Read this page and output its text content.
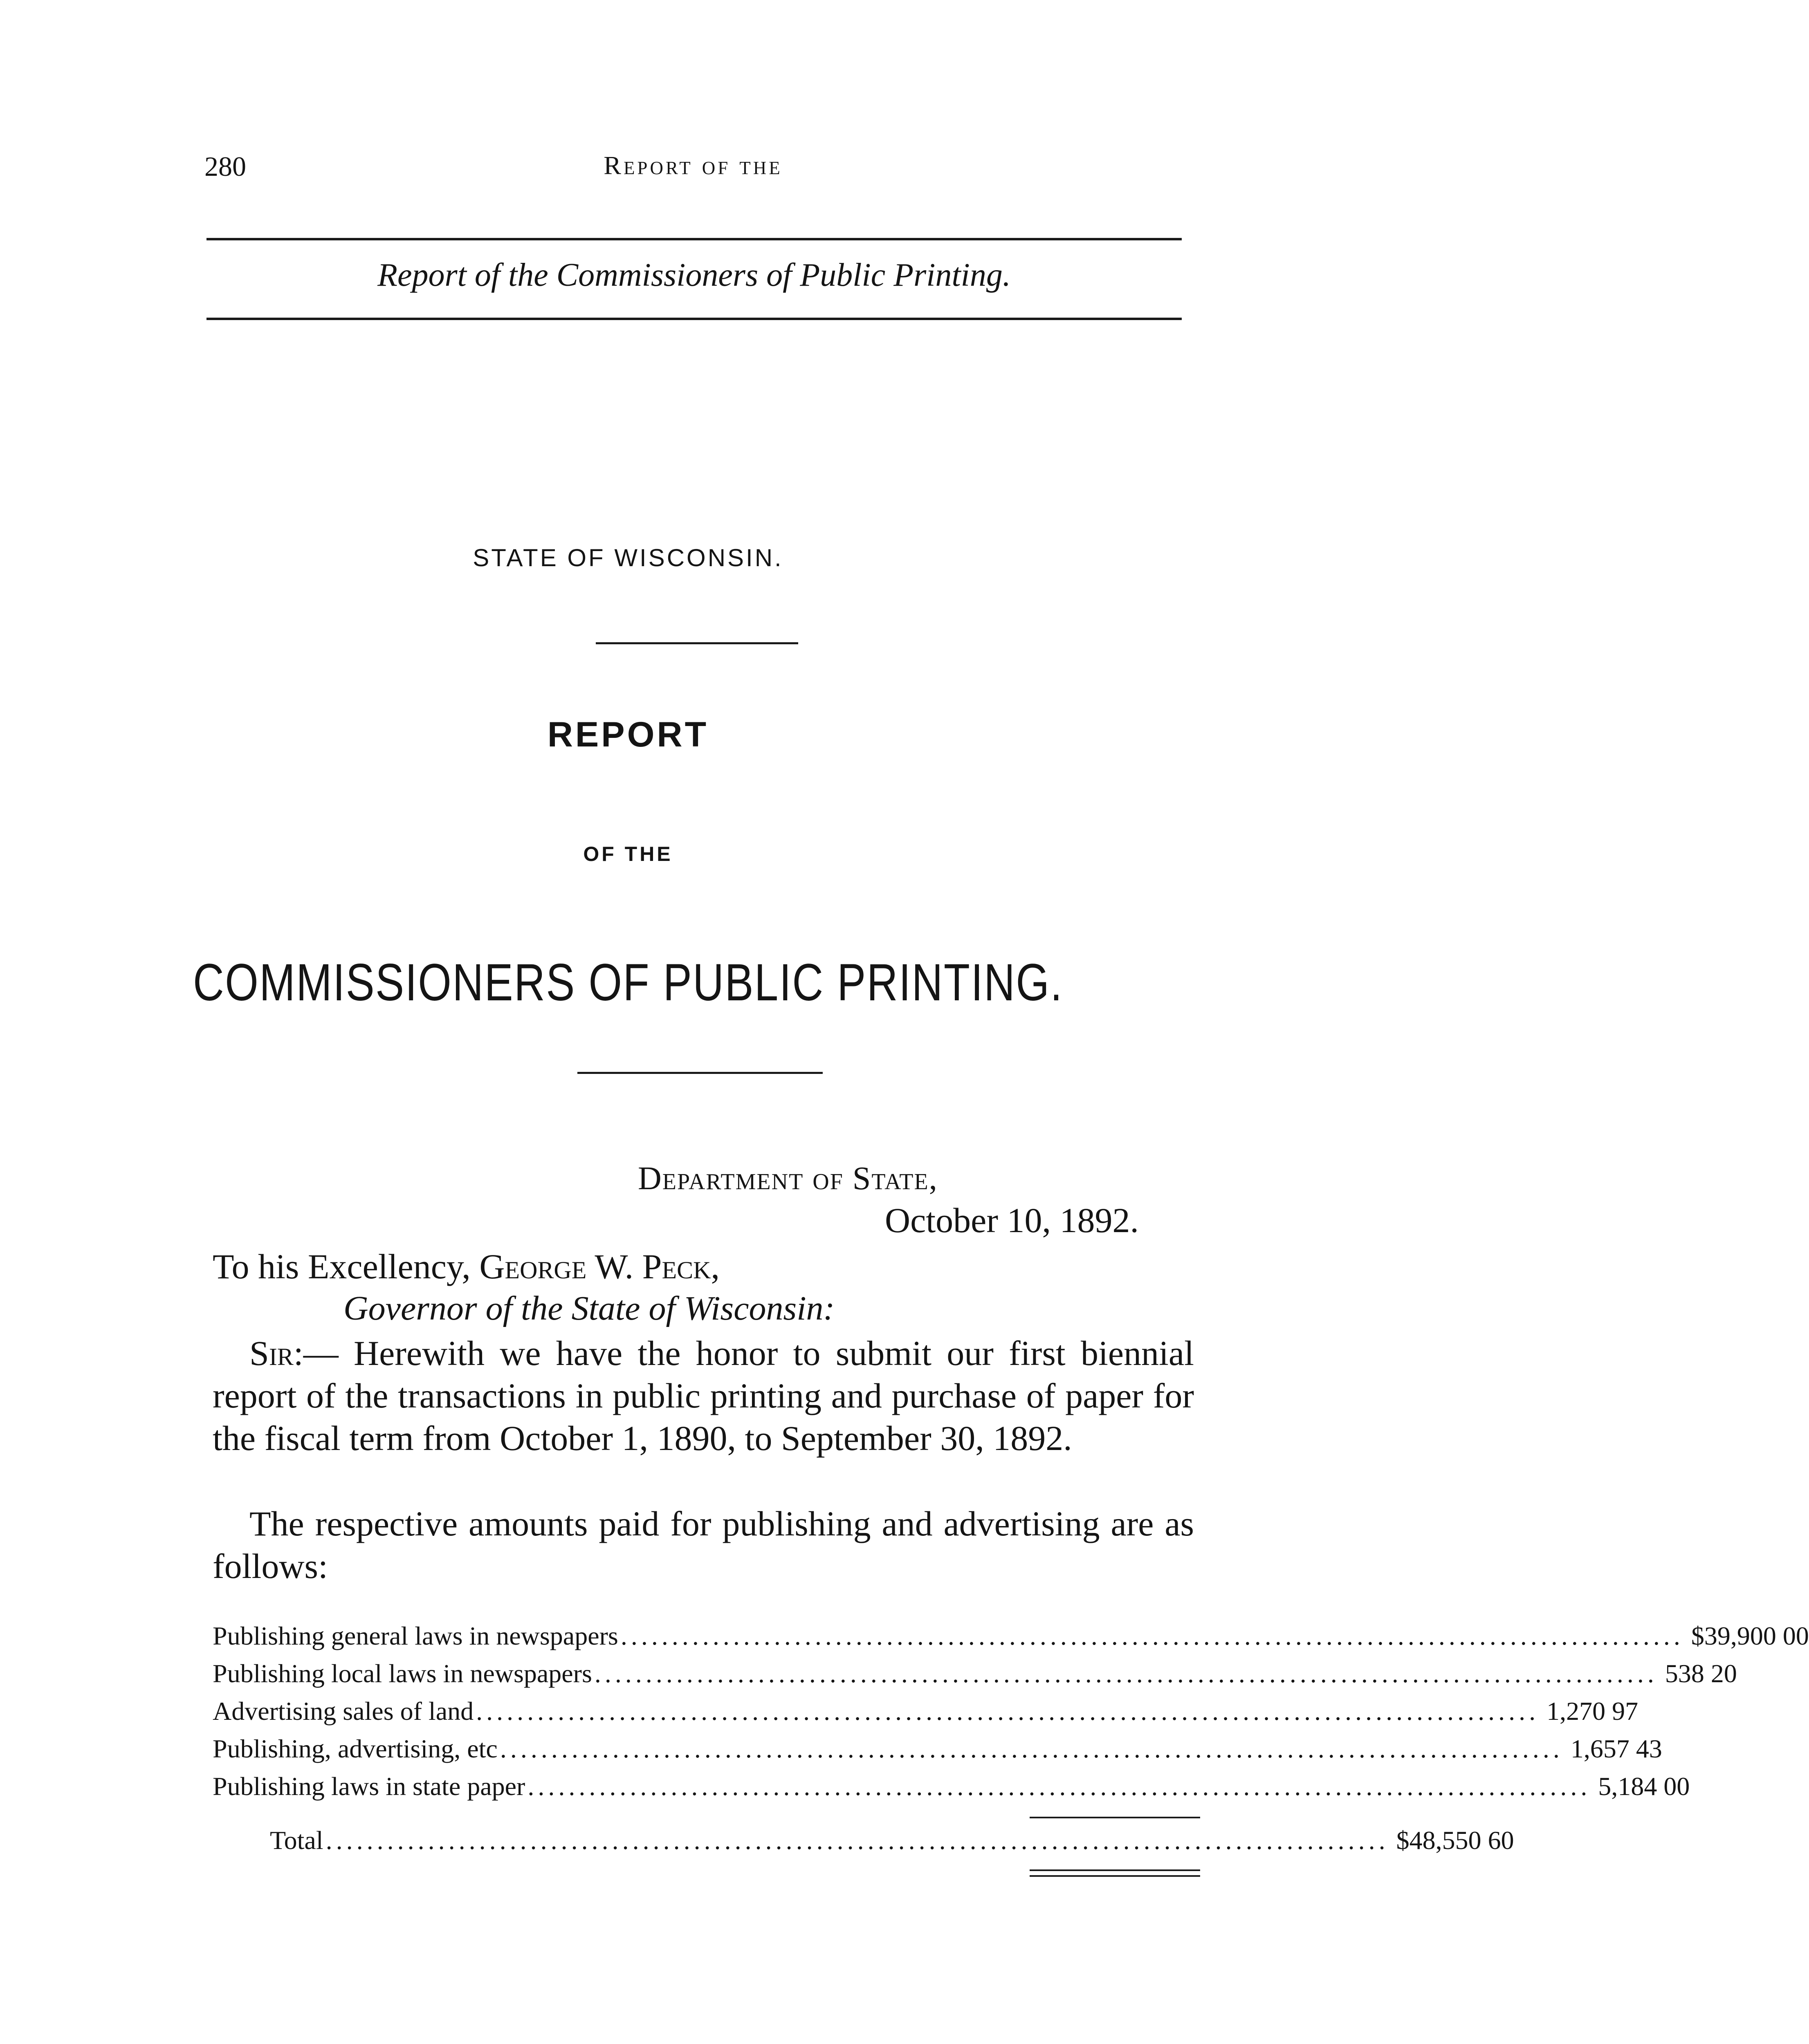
280	Report of the
Report of the Commissioners of Public Printing.
STATE OF WISCONSIN.
REPORT
OF THE
COMMISSIONERS OF PUBLIC PRINTING.
Department of State,
October 10, 1892.
To his Excellency, George W. Peck,
Governor of the State of Wisconsin:
Sir:— Herewith we have the honor to submit our first biennial report of the transactions in public printing and purchase of paper for the fiscal term from October 1, 1890, to September 30, 1892.
The respective amounts paid for publishing and advertising are as follows:
Publishing general laws in newspapers ........................................................................................................ $39,900 00
Publishing local laws in newspapers ........................................................................................................ 538 20
Advertising sales of land ........................................................................................................ 1,270 97
Publishing, advertising, etc ........................................................................................................ 1,657 43
Publishing laws in state paper ........................................................................................................ 5,184 00
Total ........................................................................................................ $48,550 60
